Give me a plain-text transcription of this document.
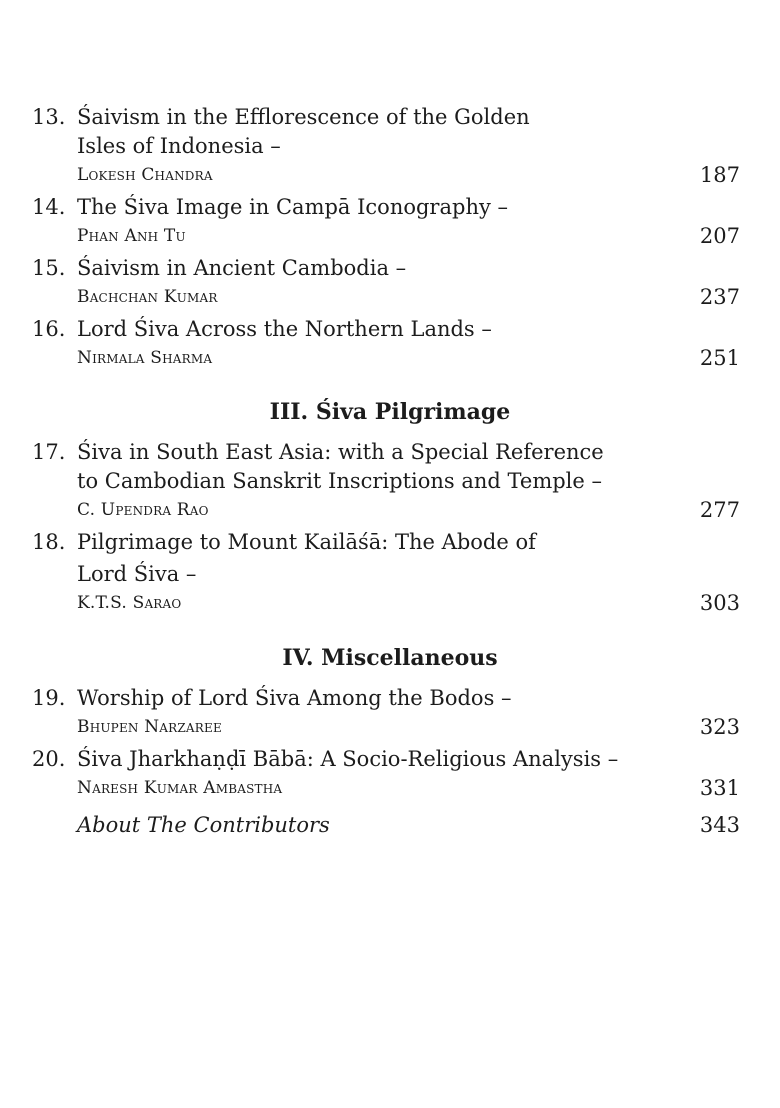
13. Śaivism in the Efflorescence of the Golden
Isles of Indonesia –
Lokesh Chandra	187
14. The Śiva Image in Campā Iconography –
Phan Anh Tu	207
15. Śaivism in Ancient Cambodia –
Bachchan Kumar	237
16. Lord Śiva Across the Northern Lands –
Nirmala Sharma	251
III. Śiva Pilgrimage
17. Śiva in South East Asia: with a Special Reference
to Cambodian Sanskrit Inscriptions and Temple –
C. Upendra Rao	277
18. Pilgrimage to Mount Kailāśā: The Abode of
Lord Śiva –
K.T.S. Sarao	303
IV. Miscellaneous
19. Worship of Lord Śiva Among the Bodos –
Bhupen Narzaree	323
20. Śiva Jharkhaṇḍī Bābā: A Socio-Religious Analysis –
Naresh Kumar Ambastha	331
About The Contributors	343
